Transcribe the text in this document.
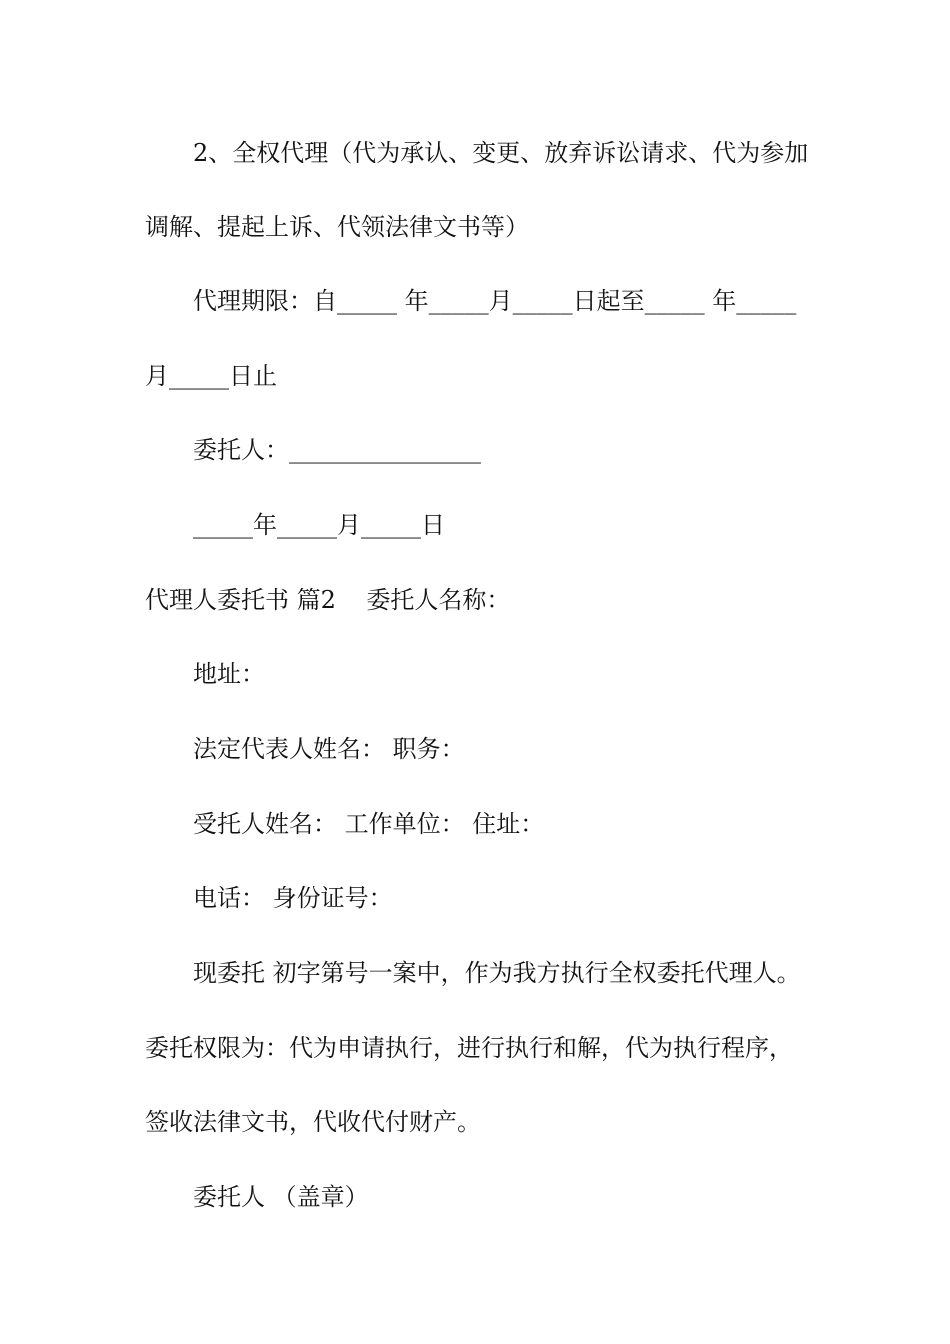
2、全权代理（代为承认、变更、放弃诉讼请求、代为参加

调解、提起上诉、代领法律文书等）

代理期限：自_____ 年_____月_____日起至_____ 年_____

月_____日止

委托人：________________

_____年_____月_____日

代理人委托书 篇2    委托人名称：

地址：

法定代表人姓名： 职务：

受托人姓名： 工作单位： 住址：

电话： 身份证号：

现委托 初字第号一案中，作为我方执行全权委托代理人。

委托权限为：代为申请执行，进行执行和解，代为执行程序，

签收法律文书，代收代付财产。

委托人 （盖章）
